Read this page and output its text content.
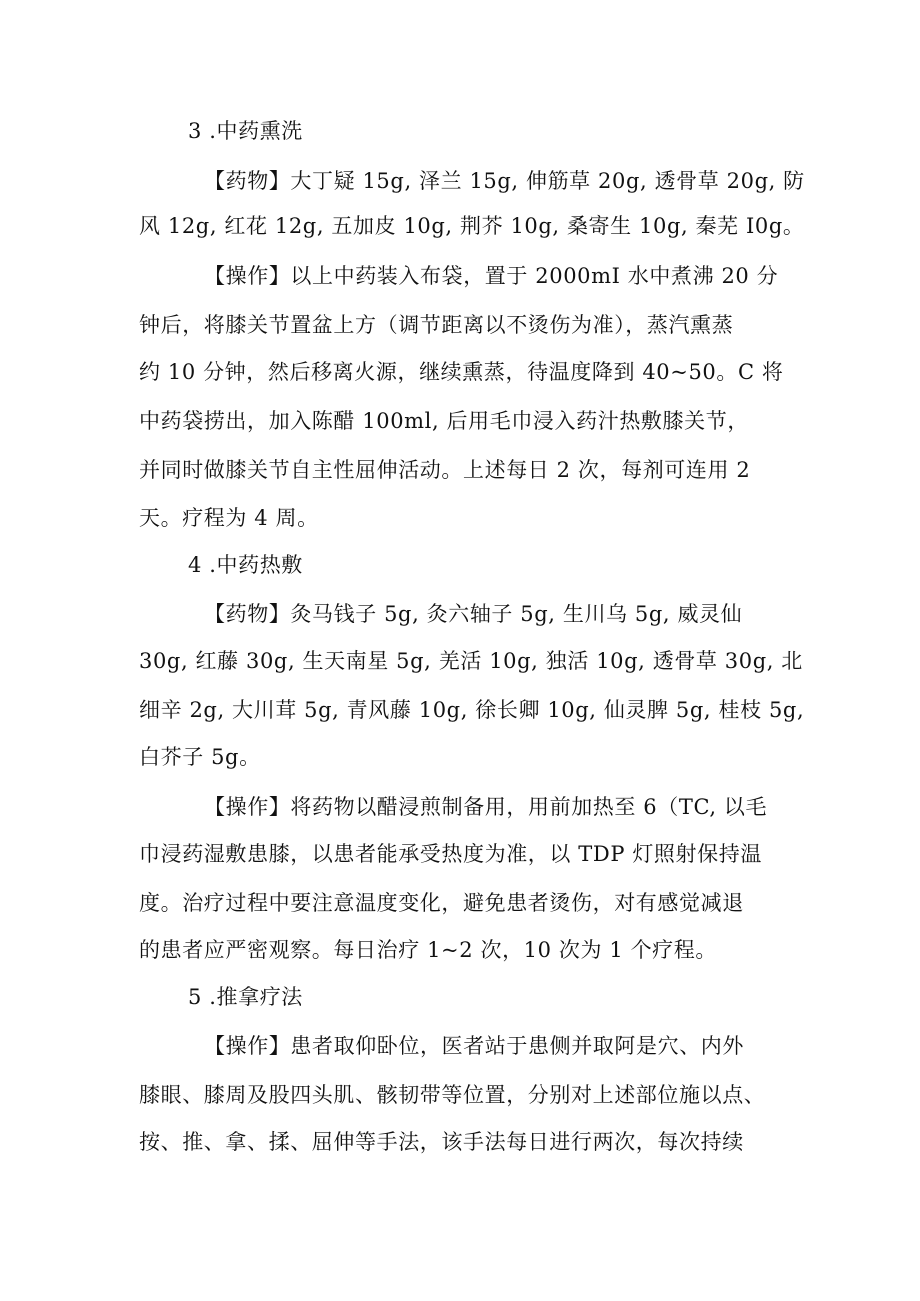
3 .中药熏洗

【药物】大丁疑 15g, 泽兰 15g, 伸筋草 20g, 透骨草 20g, 防

风 12g, 红花 12g, 五加皮 10g, 荆芥 10g, 桑寄生 10g, 秦芜 I0g。

【操作】以上中药装入布袋，置于 2000mI 水中煮沸 20 分

钟后，将膝关节置盆上方（调节距离以不烫伤为准），蒸汽熏蒸

约 10 分钟，然后移离火源，继续熏蒸，待温度降到 40~50。C 将

中药袋捞出，加入陈醋 100ml, 后用毛巾浸入药汁热敷膝关节，

并同时做膝关节自主性屈伸活动。上述每日 2 次，每剂可连用 2

天。疗程为 4 周。

4 .中药热敷

【药物】灸马钱子 5g, 灸六轴子 5g, 生川乌 5g, 威灵仙

30g, 红藤 30g, 生天南星 5g, 羌活 10g, 独活 10g, 透骨草 30g, 北

细辛 2g, 大川茸 5g, 青风藤 10g, 徐长卿 10g, 仙灵脾 5g, 桂枝 5g,

白芥子 5g。

【操作】将药物以醋浸煎制备用，用前加热至 6（TC, 以毛

巾浸药湿敷患膝，以患者能承受热度为准，以 TDP 灯照射保持温

度。治疗过程中要注意温度变化，避免患者烫伤，对有感觉减退

的患者应严密观察。每日治疗 1~2 次，10 次为 1 个疗程。

5 .推拿疗法

【操作】患者取仰卧位，医者站于患侧并取阿是穴、内外

膝眼、膝周及股四头肌、骸韧带等位置，分别对上述部位施以点、

按、推、拿、揉、屈伸等手法，该手法每日进行两次，每次持续
